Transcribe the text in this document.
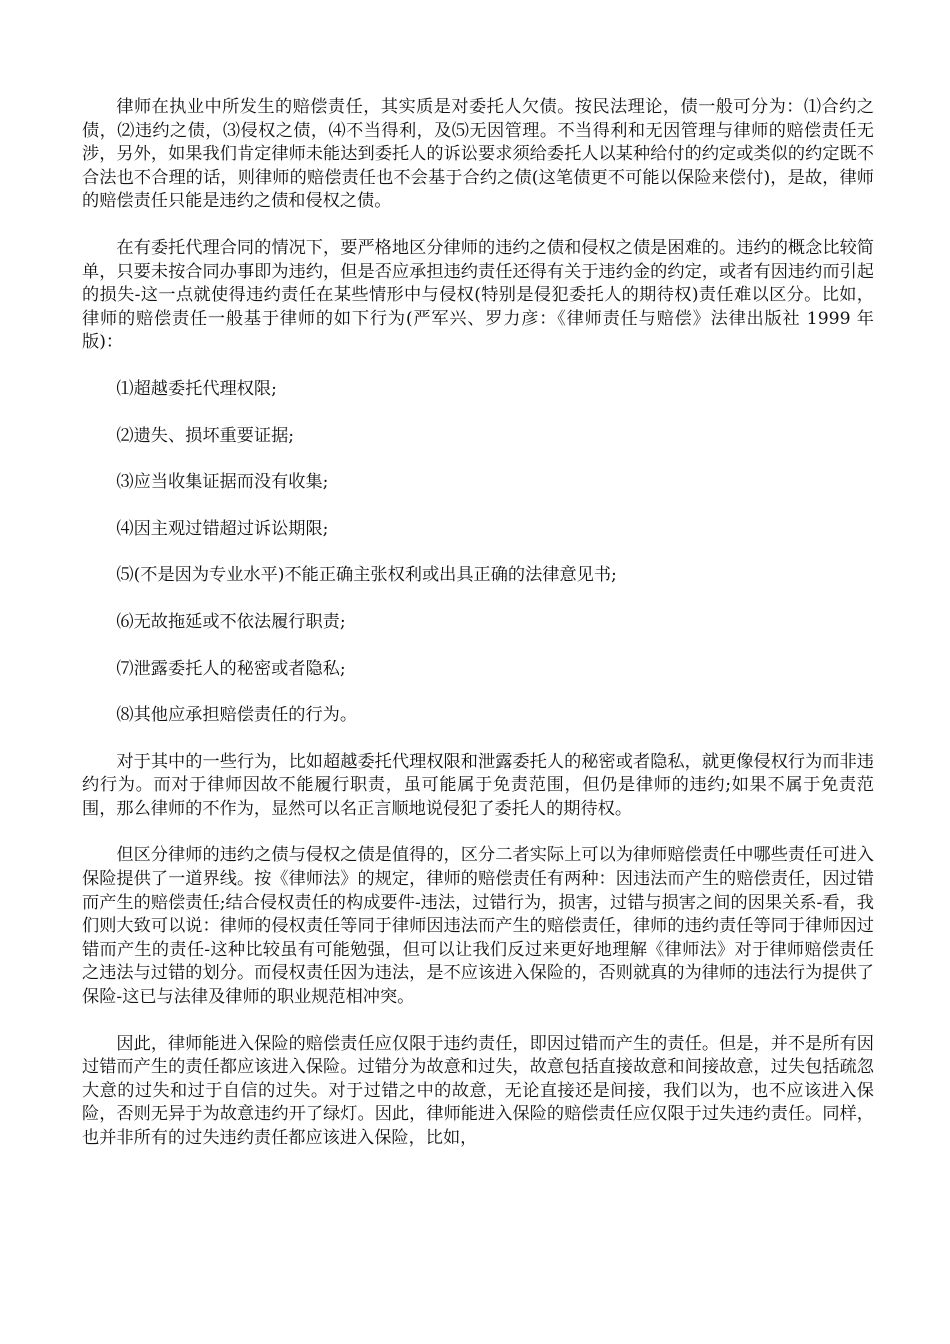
律师在执业中所发生的赔偿责任，其实质是对委托人欠债。按民法理论，债一般可分为：⑴合约之债，⑵违约之债，⑶侵权之债，⑷不当得利，及⑸无因管理。不当得利和无因管理与律师的赔偿责任无涉，另外，如果我们肯定律师未能达到委托人的诉讼要求须给委托人以某种给付的约定或类似的约定既不合法也不合理的话，则律师的赔偿责任也不会基于合约之债(这笔债更不可能以保险来偿付)，是故，律师的赔偿责任只能是违约之债和侵权之债。

在有委托代理合同的情况下，要严格地区分律师的违约之债和侵权之债是困难的。违约的概念比较简单，只要未按合同办事即为违约，但是否应承担违约责任还得有关于违约金的约定，或者有因违约而引起的损失-这一点就使得违约责任在某些情形中与侵权(特别是侵犯委托人的期待权)责任难以区分。比如，律师的赔偿责任一般基于律师的如下行为(严军兴、罗力彦：《律师责任与赔偿》法律出版社 1999 年版)：

⑴超越委托代理权限;

⑵遗失、损坏重要证据;

⑶应当收集证据而没有收集;

⑷因主观过错超过诉讼期限;

⑸(不是因为专业水平)不能正确主张权利或出具正确的法律意见书;

⑹无故拖延或不依法履行职责;

⑺泄露委托人的秘密或者隐私;

⑻其他应承担赔偿责任的行为。

对于其中的一些行为，比如超越委托代理权限和泄露委托人的秘密或者隐私，就更像侵权行为而非违约行为。而对于律师因故不能履行职责，虽可能属于免责范围，但仍是律师的违约;如果不属于免责范围，那么律师的不作为，显然可以名正言顺地说侵犯了委托人的期待权。

但区分律师的违约之债与侵权之债是值得的，区分二者实际上可以为律师赔偿责任中哪些责任可进入保险提供了一道界线。按《律师法》的规定，律师的赔偿责任有两种：因违法而产生的赔偿责任，因过错而产生的赔偿责任;结合侵权责任的构成要件-违法，过错行为，损害，过错与损害之间的因果关系-看，我们则大致可以说：律师的侵权责任等同于律师因违法而产生的赔偿责任，律师的违约责任等同于律师因过错而产生的责任-这种比较虽有可能勉强，但可以让我们反过来更好地理解《律师法》对于律师赔偿责任之违法与过错的划分。而侵权责任因为违法，是不应该进入保险的，否则就真的为律师的违法行为提供了保险-这已与法律及律师的职业规范相冲突。

因此，律师能进入保险的赔偿责任应仅限于违约责任，即因过错而产生的责任。但是，并不是所有因过错而产生的责任都应该进入保险。过错分为故意和过失，故意包括直接故意和间接故意，过失包括疏忽大意的过失和过于自信的过失。对于过错之中的故意，无论直接还是间接，我们以为，也不应该进入保险，否则无异于为故意违约开了绿灯。因此，律师能进入保险的赔偿责任应仅限于过失违约责任。同样，也并非所有的过失违约责任都应该进入保险，比如，
